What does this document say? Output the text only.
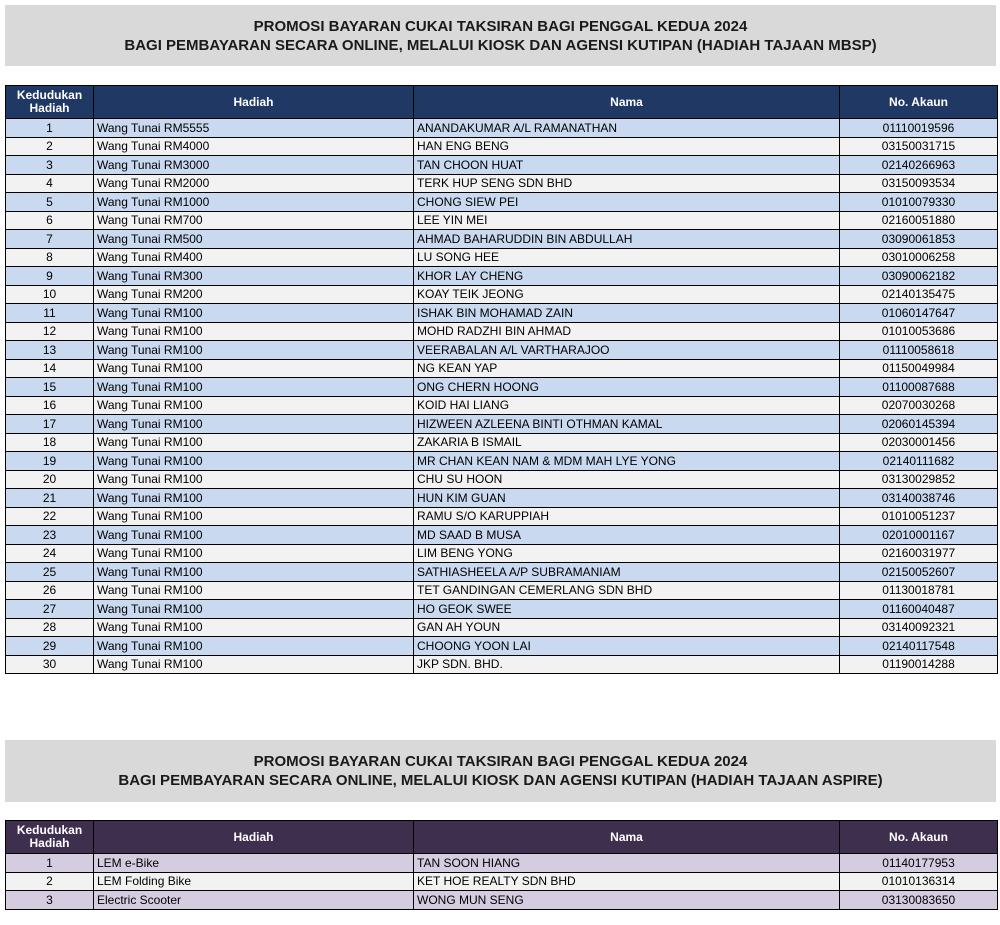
PROMOSI BAYARAN CUKAI TAKSIRAN BAGI PENGGAL KEDUA 2024
BAGI PEMBAYARAN SECARA ONLINE, MELALUI KIOSK DAN AGENSI KUTIPAN (HADIAH TAJAAN MBSP)
Kedudukan Hadiah	Hadiah	Nama	No. Akaun
1	Wang Tunai RM5555	ANANDAKUMAR A/L RAMANATHAN	01110019596
2	Wang Tunai RM4000	HAN ENG BENG	03150031715
3	Wang Tunai RM3000	TAN CHOON HUAT	02140266963
4	Wang Tunai RM2000	TERK HUP SENG SDN BHD	03150093534
5	Wang Tunai RM1000	CHONG SIEW PEI	01010079330
6	Wang Tunai RM700	LEE YIN MEI	02160051880
7	Wang Tunai RM500	AHMAD BAHARUDDIN BIN ABDULLAH	03090061853
8	Wang Tunai RM400	LU SONG HEE	03010006258
9	Wang Tunai RM300	KHOR LAY CHENG	03090062182
10	Wang Tunai RM200	KOAY TEIK JEONG	02140135475
11	Wang Tunai RM100	ISHAK BIN MOHAMAD ZAIN	01060147647
12	Wang Tunai RM100	MOHD RADZHI BIN AHMAD	01010053686
13	Wang Tunai RM100	VEERABALAN A/L VARTHARAJOO	01110058618
14	Wang Tunai RM100	NG KEAN YAP	01150049984
15	Wang Tunai RM100	ONG CHERN HOONG	01100087688
16	Wang Tunai RM100	KOID HAI LIANG	02070030268
17	Wang Tunai RM100	HIZWEEN AZLEENA BINTI OTHMAN KAMAL	02060145394
18	Wang Tunai RM100	ZAKARIA B ISMAIL	02030001456
19	Wang Tunai RM100	MR CHAN KEAN NAM & MDM MAH LYE YONG	02140111682
20	Wang Tunai RM100	CHU SU HOON	03130029852
21	Wang Tunai RM100	HUN KIM GUAN	03140038746
22	Wang Tunai RM100	RAMU S/O KARUPPIAH	01010051237
23	Wang Tunai RM100	MD SAAD B MUSA	02010001167
24	Wang Tunai RM100	LIM BENG YONG	02160031977
25	Wang Tunai RM100	SATHIASHEELA A/P SUBRAMANIAM	02150052607
26	Wang Tunai RM100	TET GANDINGAN CEMERLANG SDN BHD	01130018781
27	Wang Tunai RM100	HO GEOK SWEE	01160040487
28	Wang Tunai RM100	GAN AH YOUN	03140092321
29	Wang Tunai RM100	CHOONG YOON LAI	02140117548
30	Wang Tunai RM100	JKP SDN. BHD.	01190014288
PROMOSI BAYARAN CUKAI TAKSIRAN BAGI PENGGAL KEDUA 2024
BAGI PEMBAYARAN SECARA ONLINE, MELALUI KIOSK DAN AGENSI KUTIPAN (HADIAH TAJAAN ASPIRE)
Kedudukan Hadiah	Hadiah	Nama	No. Akaun
1	LEM e-Bike	TAN SOON HIANG	01140177953
2	LEM Folding Bike	KET HOE REALTY SDN BHD	01010136314
3	Electric Scooter	WONG MUN SENG	03130083650
